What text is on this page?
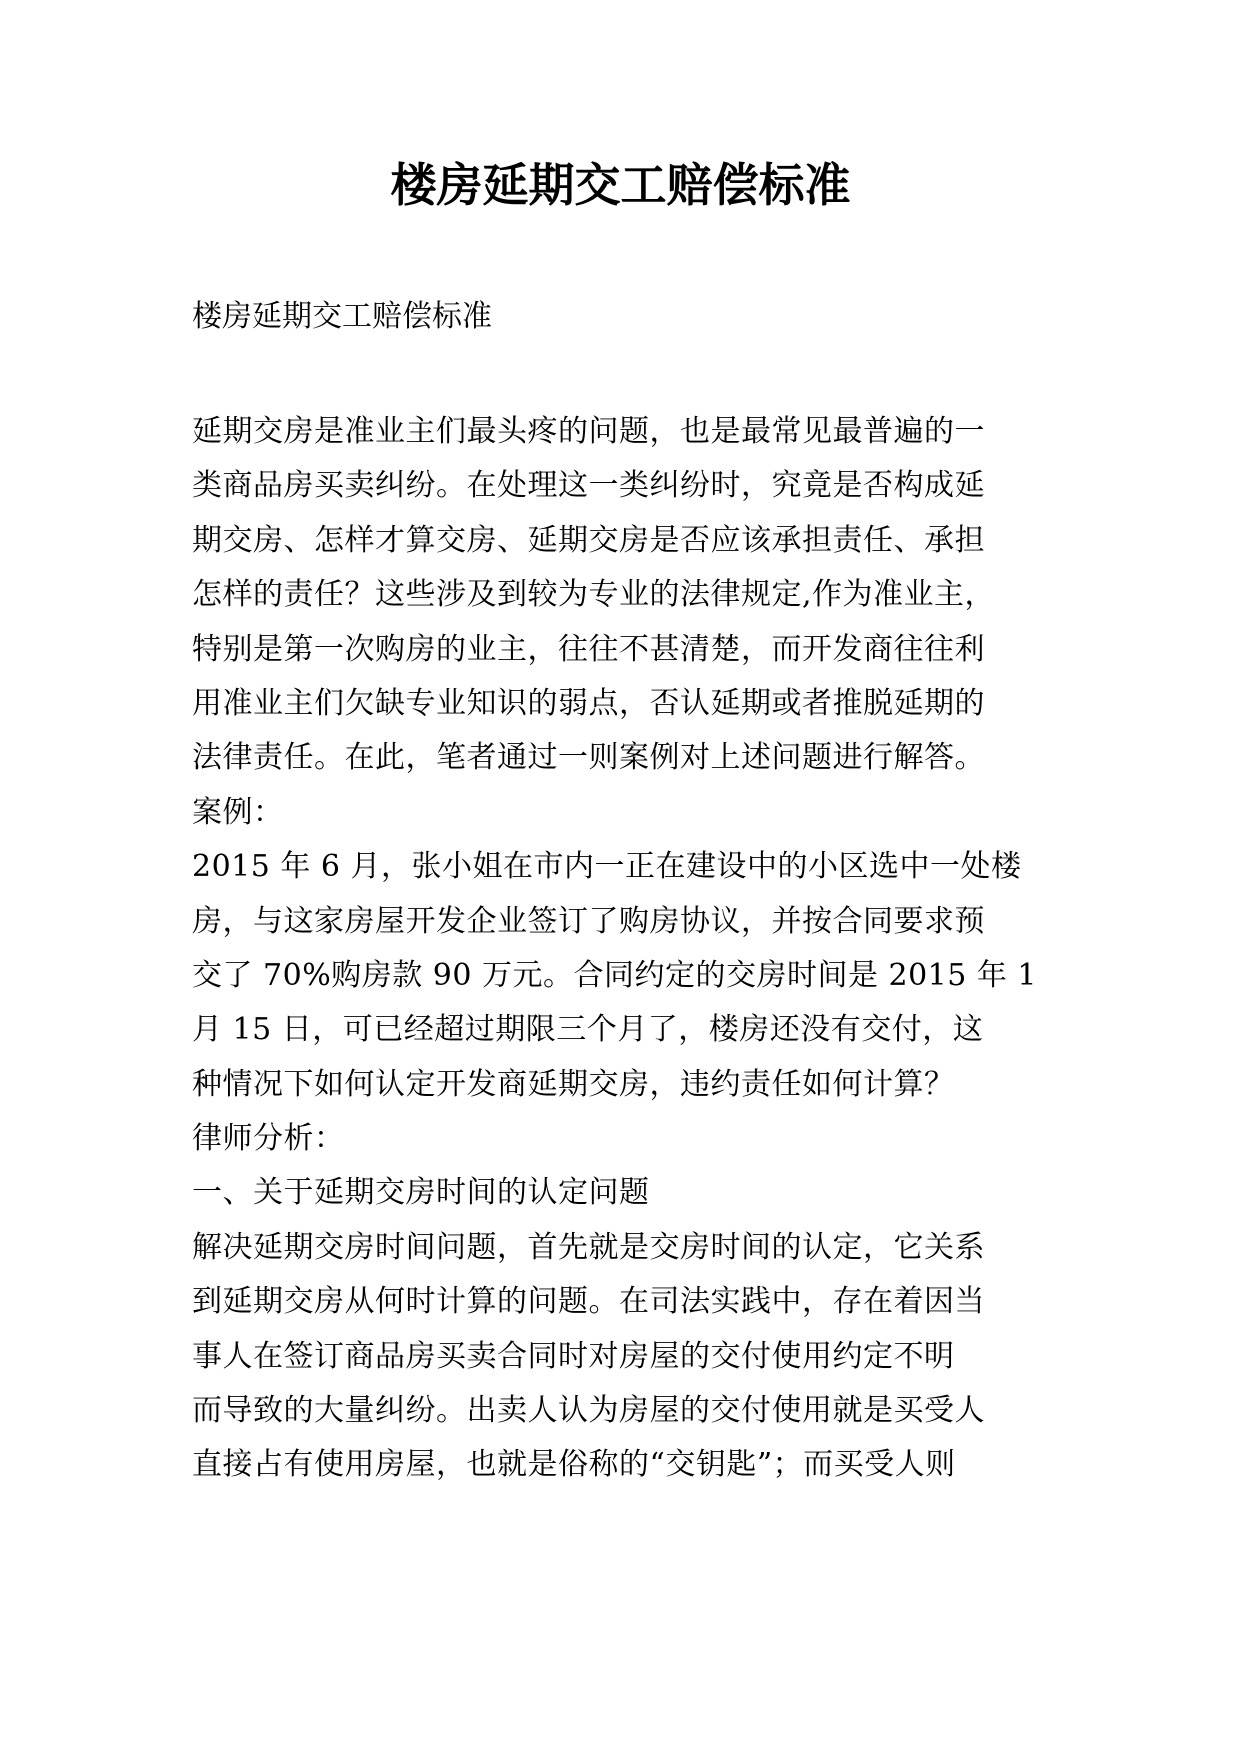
楼房延期交工赔偿标准
楼房延期交工赔偿标准
延期交房是准业主们最头疼的问题，也是最常见最普遍的一
类商品房买卖纠纷。在处理这一类纠纷时，究竟是否构成延
期交房、怎样才算交房、延期交房是否应该承担责任、承担
怎样的责任？这些涉及到较为专业的法律规定,作为准业主，
特别是第一次购房的业主，往往不甚清楚，而开发商往往利
用准业主们欠缺专业知识的弱点，否认延期或者推脱延期的
法律责任。在此，笔者通过一则案例对上述问题进行解答。
案例：
2015 年 6 月，张小姐在市内一正在建设中的小区选中一处楼
房，与这家房屋开发企业签订了购房协议，并按合同要求预
交了 70%购房款 90 万元。合同约定的交房时间是 2015 年 1
月 15 日，可已经超过期限三个月了，楼房还没有交付，这
种情况下如何认定开发商延期交房，违约责任如何计算？
律师分析：
一、关于延期交房时间的认定问题
解决延期交房时间问题，首先就是交房时间的认定，它关系
到延期交房从何时计算的问题。在司法实践中，存在着因当
事人在签订商品房买卖合同时对房屋的交付使用约定不明
而导致的大量纠纷。出卖人认为房屋的交付使用就是买受人
直接占有使用房屋，也就是俗称的“交钥匙”；而买受人则
